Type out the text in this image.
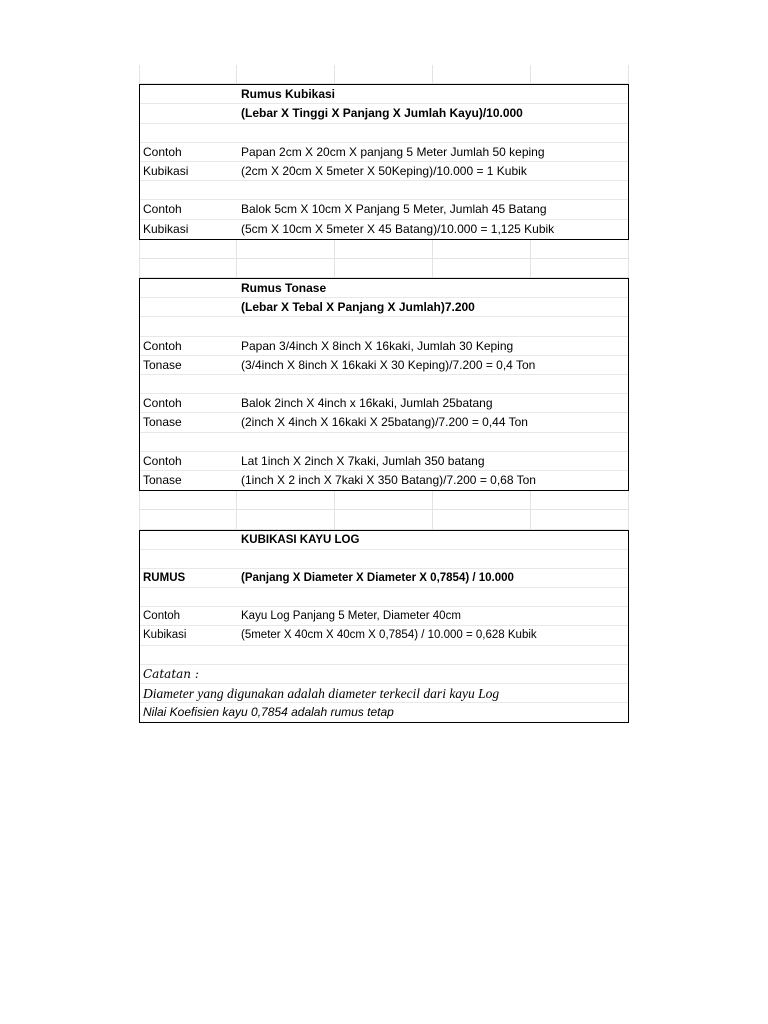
Rumus Kubikasi
(Lebar X Tinggi X Panjang X Jumlah Kayu)/10.000
Contoh	Papan 2cm X 20cm X panjang 5 Meter Jumlah 50 keping
Kubikasi	(2cm X 20cm X 5meter X 50Keping)/10.000 = 1 Kubik
Contoh	Balok 5cm X 10cm X Panjang 5 Meter, Jumlah 45 Batang
Kubikasi	(5cm X 10cm X 5meter X 45 Batang)/10.000 = 1,125 Kubik
Rumus Tonase
(Lebar X Tebal X Panjang X Jumlah)7.200
Contoh	Papan 3/4inch X 8inch X 16kaki, Jumlah 30 Keping
Tonase	(3/4inch X 8inch X 16kaki X 30 Keping)/7.200 = 0,4 Ton
Contoh	Balok 2inch X 4inch x 16kaki, Jumlah 25batang
Tonase	(2inch X 4inch X 16kaki X 25batang)/7.200 = 0,44 Ton
Contoh	Lat 1inch X 2inch X 7kaki, Jumlah 350 batang
Tonase	(1inch X 2 inch X 7kaki X 350 Batang)/7.200 = 0,68 Ton
KUBIKASI KAYU LOG
RUMUS	(Panjang X Diameter X Diameter X 0,7854) / 10.000
Contoh	Kayu Log Panjang 5 Meter, Diameter 40cm
Kubikasi	(5meter X 40cm X 40cm X 0,7854) / 10.000 = 0,628 Kubik
Catatan :
Diameter yang digunakan adalah diameter terkecil dari kayu Log
Nilai Koefisien kayu 0,7854 adalah rumus tetap
